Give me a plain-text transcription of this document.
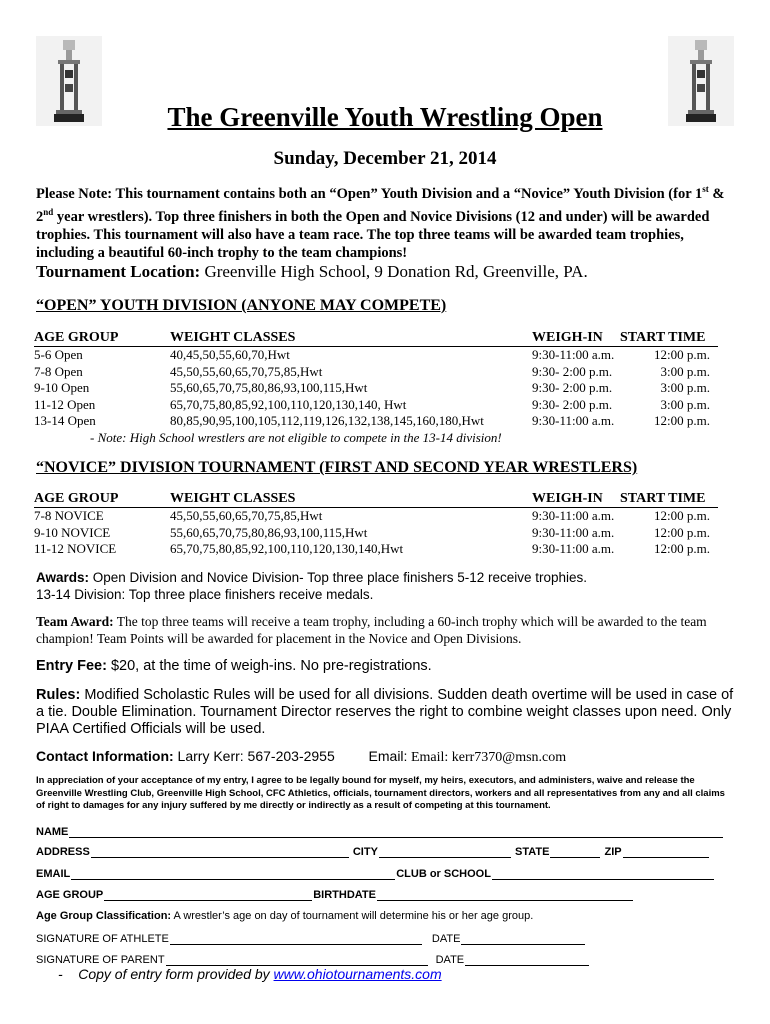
The Greenville Youth Wrestling Open
Sunday, December 21, 2014
Please Note: This tournament contains both an “Open” Youth Division and a “Novice” Youth Division (for 1st & 2nd year wrestlers). Top three finishers in both the Open and Novice Divisions (12 and under) will be awarded trophies. This tournament will also have a team race. The top three teams will be awarded team trophies, including a beautiful 60-inch trophy to the team champions!
Tournament Location: Greenville High School, 9 Donation Rd, Greenville, PA.
“OPEN” YOUTH DIVISION (ANYONE MAY COMPETE)
AGE GROUP	WEIGHT CLASSES	WEIGH-IN START TIME
5-6 Open	40,45,50,55,60,70,Hwt	9:30-11:00 a.m.	12:00 p.m.
7-8 Open	45,50,55,60,65,70,75,85,Hwt	9:30- 2:00 p.m.	3:00 p.m.
9-10 Open	55,60,65,70,75,80,86,93,100,115,Hwt	9:30- 2:00 p.m.	3:00 p.m.
11-12 Open	65,70,75,80,85,92,100,110,120,130,140, Hwt	9:30- 2:00 p.m.	3:00 p.m.
13-14 Open	80,85,90,95,100,105,112,119,126,132,138,145,160,180,Hwt	9:30-11:00 a.m.	12:00 p.m.
- Note: High School wrestlers are not eligible to compete in the 13-14 division!
“NOVICE” DIVISION TOURNAMENT (FIRST AND SECOND YEAR WRESTLERS)
AGE GROUP	WEIGHT CLASSES	WEIGH-IN START TIME
7-8 NOVICE	45,50,55,60,65,70,75,85,Hwt	9:30-11:00 a.m.	12:00 p.m.
9-10 NOVICE	55,60,65,70,75,80,86,93,100,115,Hwt	9:30-11:00 a.m.	12:00 p.m.
11-12 NOVICE	65,70,75,80,85,92,100,110,120,130,140,Hwt	9:30-11:00 a.m.	12:00 p.m.
Awards: Open Division and Novice Division- Top three place finishers 5-12 receive trophies.
13-14 Division: Top three place finishers receive medals.
Team Award: The top three teams will receive a team trophy, including a 60-inch trophy which will be awarded to the team champion! Team Points will be awarded for placement in the Novice and Open Divisions.
Entry Fee: $20, at the time of weigh-ins. No pre-registrations.
Rules: Modified Scholastic Rules will be used for all divisions. Sudden death overtime will be used in case of a tie. Double Elimination. Tournament Director reserves the right to combine weight classes upon need. Only PIAA Certified Officials will be used.
Contact Information: Larry Kerr: 567-203-2955 Email: Email: kerr7370@msn.com
In appreciation of your acceptance of my entry, I agree to be legally bound for myself, my heirs, executors, and administers, waive and release the Greenville Wrestling Club, Greenville High School, CFC Athletics, officials, tournament directors, workers and all representatives from any and all claims of right to damages for any injury suffered by me directly or indirectly as a result of competing at this tournament.
NAME
ADDRESS	CITY	STATE	ZIP
EMAIL	CLUB or SCHOOL
AGE GROUP	BIRTHDATE
Age Group Classification: A wrestler’s age on day of tournament will determine his or her age group.
SIGNATURE OF ATHLETE	DATE
SIGNATURE OF PARENT	DATE
- Copy of entry form provided by www.ohiotournaments.com
